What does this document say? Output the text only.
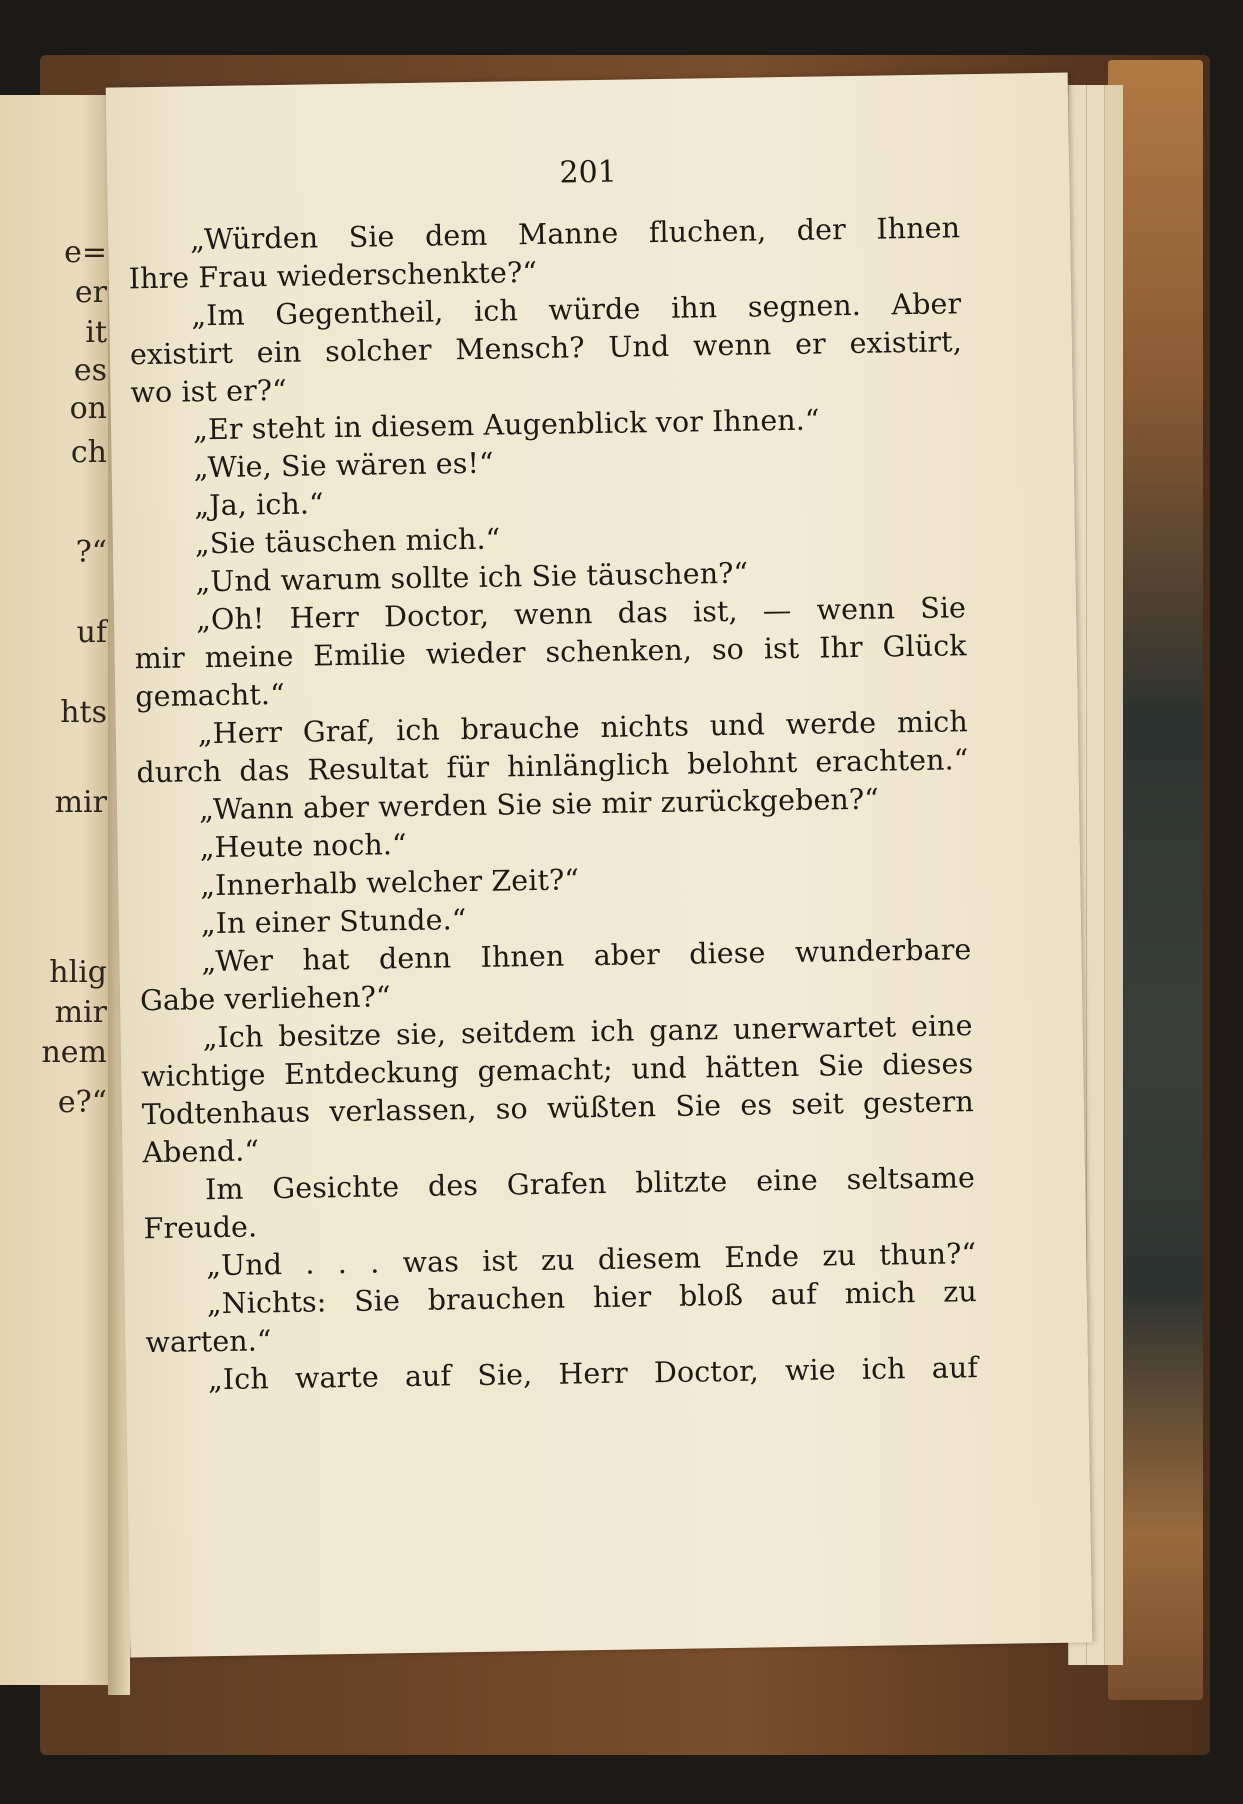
e=
er
it
es
on
ch
?“
uf
hts
mir
hlig
mir
nem
e?“
201
„Würden Sie dem Manne fluchen, der Ihnen
Ihre Frau wiederschenkte?“
„Im Gegentheil, ich würde ihn segnen. Aber
existirt ein solcher Mensch? Und wenn er existirt,
wo ist er?“
„Er steht in diesem Augenblick vor Ihnen.“
„Wie, Sie wären es!“
„Ja, ich.“
„Sie täuschen mich.“
„Und warum sollte ich Sie täuschen?“
„Oh! Herr Doctor, wenn das ist, — wenn Sie
mir meine Emilie wieder schenken, so ist Ihr Glück
gemacht.“
„Herr Graf, ich brauche nichts und werde mich
durch das Resultat für hinlänglich belohnt erachten.“
„Wann aber werden Sie sie mir zurückgeben?“
„Heute noch.“
„Innerhalb welcher Zeit?“
„In einer Stunde.“
„Wer hat denn Ihnen aber diese wunderbare
Gabe verliehen?“
„Ich besitze sie, seitdem ich ganz unerwartet eine
wichtige Entdeckung gemacht; und hätten Sie dieses
Todtenhaus verlassen, so wüßten Sie es seit gestern
Abend.“
Im Gesichte des Grafen blitzte eine seltsame
Freude.
„Und . . . was ist zu diesem Ende zu thun?“
„Nichts: Sie brauchen hier bloß auf mich zu
warten.“
„Ich warte auf Sie, Herr Doctor, wie ich auf
